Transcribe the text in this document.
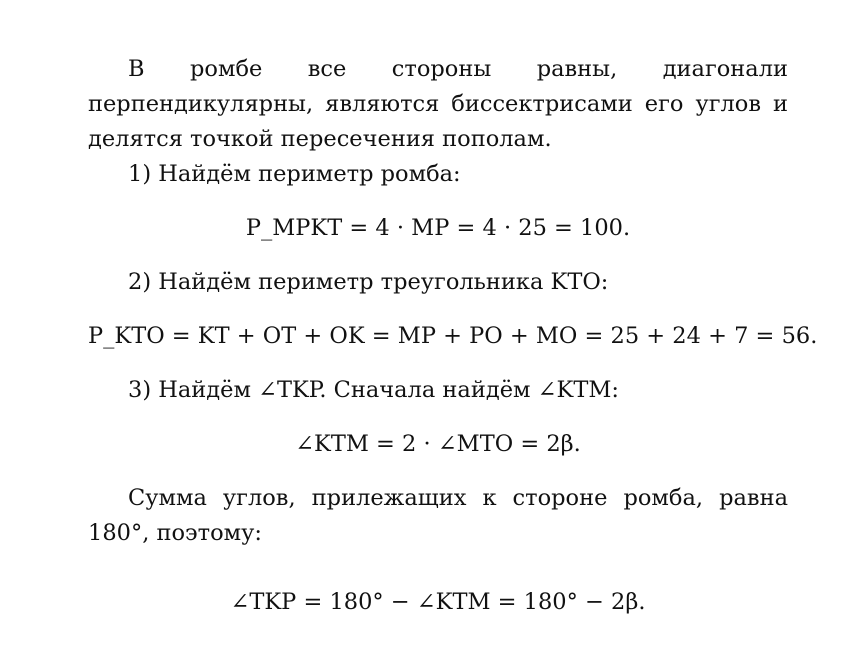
В ромбе все стороны равны, диагонали перпендикулярны, являются биссектрисами его углов и делятся точкой пересечения пополам.

1) Найдём периметр ромба:

P_MPKT = 4 · MP = 4 · 25 = 100.

2) Найдём периметр треугольника KTO:

P_KTO = KT + OT + OK = MP + PO + MO = 25 + 24 + 7 = 56.

3) Найдём ∠TKP. Сначала найдём ∠KTM:

∠KTM = 2 · ∠MTO = 2β.

Сумма углов, прилежащих к стороне ромба, равна 180°, поэтому:

∠TKP = 180° − ∠KTM = 180° − 2β.
